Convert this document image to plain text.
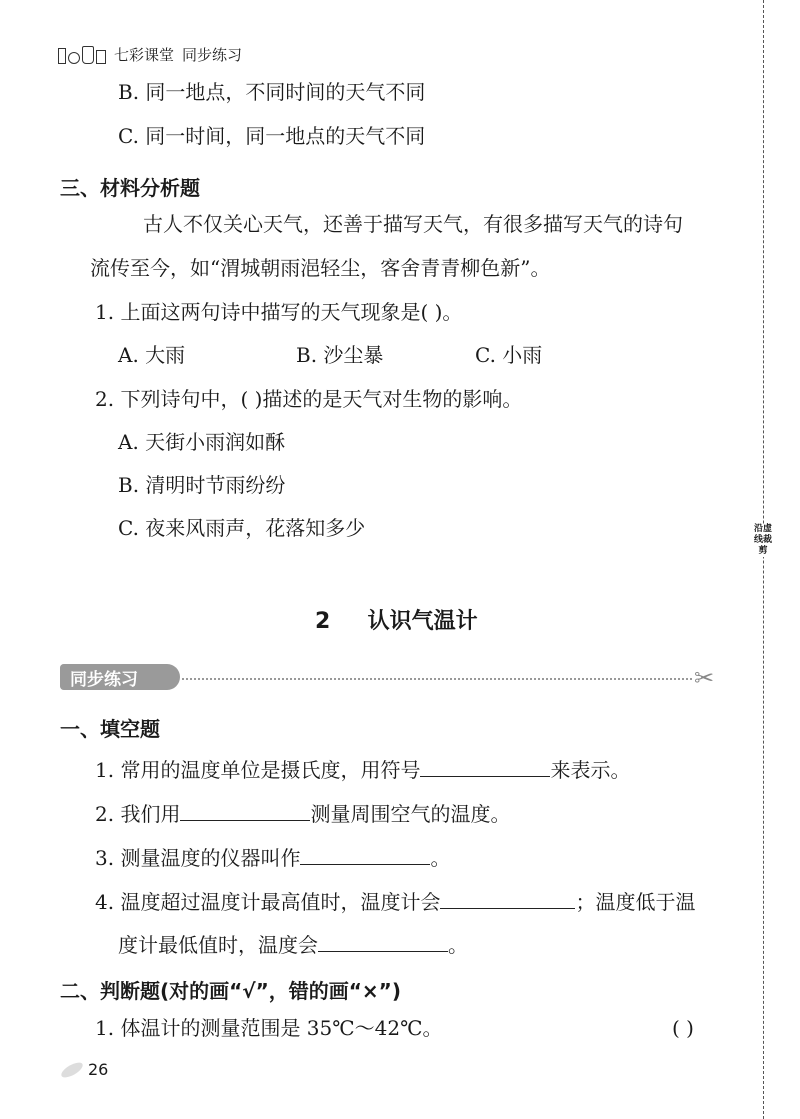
七彩课堂 同步练习
B. 同一地点，不同时间的天气不同
C. 同一时间，同一地点的天气不同
三、材料分析题
古人不仅关心天气，还善于描写天气，有很多描写天气的诗句
流传至今，如“渭城朝雨浥轻尘，客舍青青柳色新”。
1. 上面这两句诗中描写的天气现象是( )。
A. 大雨	B. 沙尘暴	C. 小雨
2. 下列诗句中，( )描述的是天气对生物的影响。
A. 天街小雨润如酥
B. 清明时节雨纷纷
C. 夜来风雨声，花落知多少	沿虚线裁剪
2 认识气温计
同步练习	✂
一、填空题
1. 常用的温度单位是摄氏度，用符号	来表示。
2. 我们用	测量周围空气的温度。
3. 测量温度的仪器叫作	。
4. 温度超过温度计最高值时，温度计会	；温度低于温
度计最低值时，温度会	。
二、判断题(对的画“√”，错的画“×”)
1. 体温计的测量范围是 35℃～42℃。	( )
26
